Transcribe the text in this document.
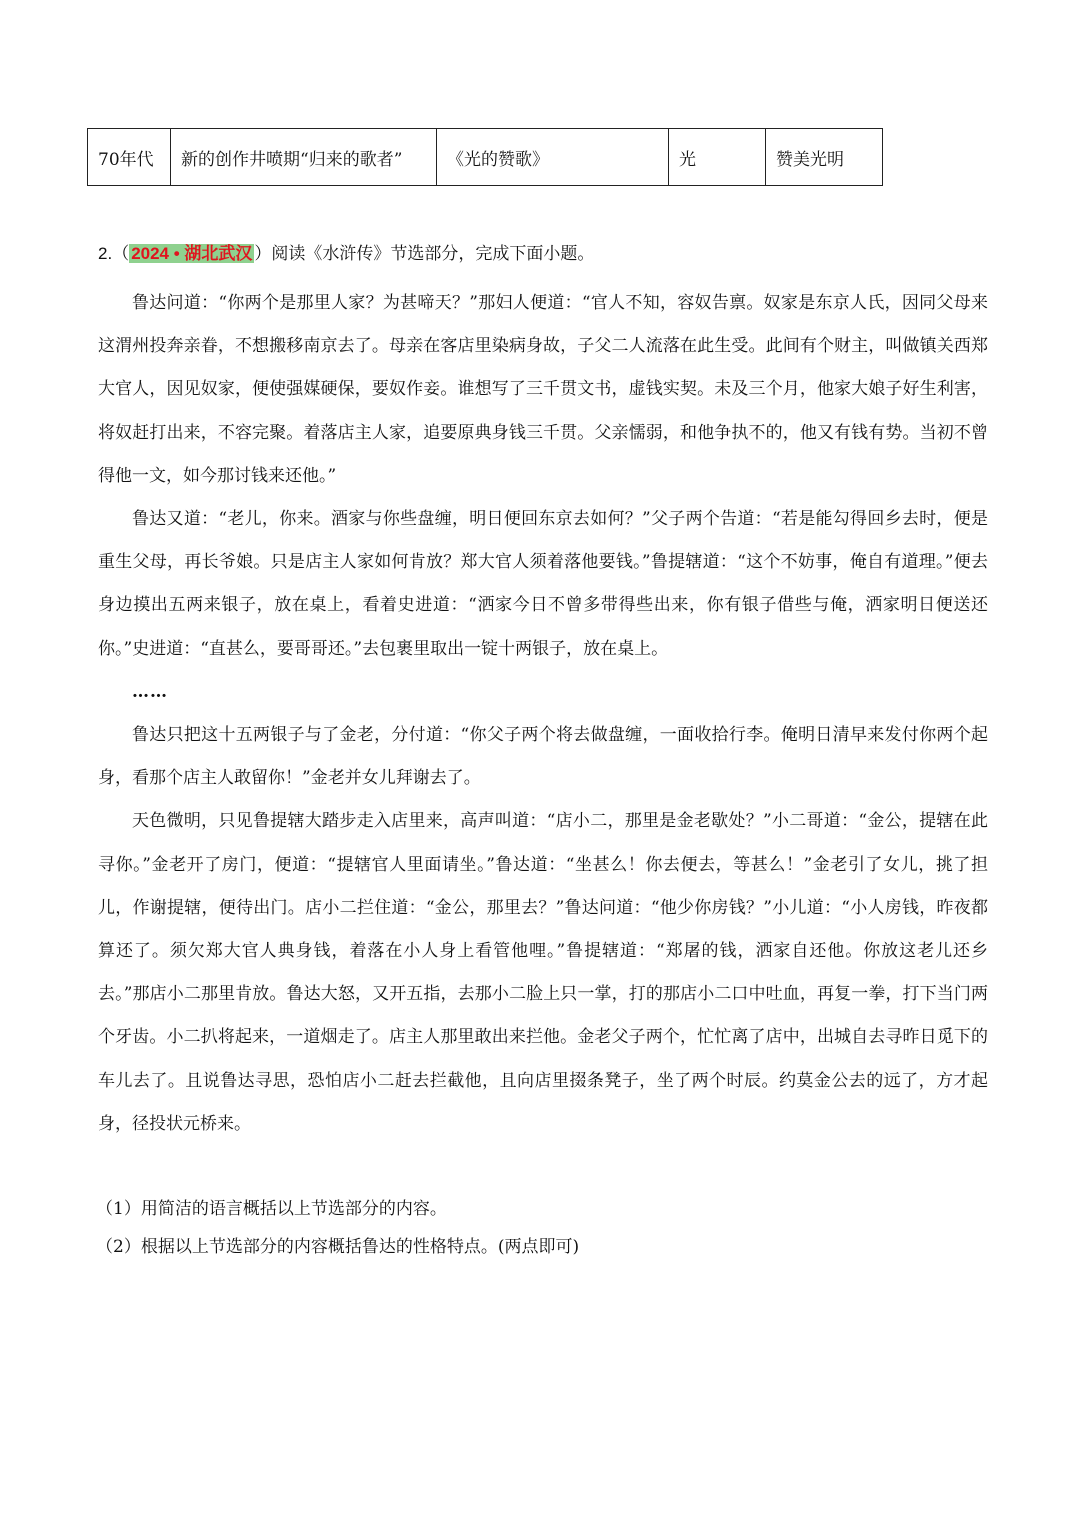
70年代	新的创作井喷期“归来的歌者”	《光的赞歌》	光	赞美光明
2.（ 2024 • 湖北武汉 ）阅读《水浒传》节选部分，完成下面小题。

鲁达问道：“你两个是那里人家？为甚啼天？”那妇人便道：“官人不知，容奴告禀。奴家是东京人氏，因同父母来这渭州投奔亲眷，不想搬移南京去了。母亲在客店里染病身故，子父二人流落在此生受。此间有个财主，叫做镇关西郑大官人，因见奴家，便使强媒硬保，要奴作妾。谁想写了三千贯文书，虚钱实契。未及三个月，他家大娘子好生利害，将奴赶打出来，不容完聚。着落店主人家，追要原典身钱三千贯。父亲懦弱，和他争执不的，他又有钱有势。当初不曾得他一文，如今那讨钱来还他。”

鲁达又道：“老儿，你来。酒家与你些盘缠，明日便回东京去如何？”父子两个告道：“若是能勾得回乡去时，便是重生父母，再长爷娘。只是店主人家如何肯放？郑大官人须着落他要钱。”鲁提辖道：“这个不妨事，俺自有道理。”便去身边摸出五两来银子，放在桌上，看着史进道：“洒家今日不曾多带得些出来，你有银子借些与俺，洒家明日便送还你。”史进道：“直甚么，要哥哥还。”去包裹里取出一锭十两银子，放在桌上。

……

鲁达只把这十五两银子与了金老，分付道：“你父子两个将去做盘缠，一面收拾行李。俺明日清早来发付你两个起身，看那个店主人敢留你！”金老并女儿拜谢去了。

天色微明，只见鲁提辖大踏步走入店里来，高声叫道：“店小二，那里是金老歇处？”小二哥道：“金公，提辖在此寻你。”金老开了房门，便道：“提辖官人里面请坐。”鲁达道：“坐甚么！你去便去，等甚么！”金老引了女儿，挑了担儿，作谢提辖，便待出门。店小二拦住道：“金公，那里去？”鲁达问道：“他少你房钱？”小儿道：“小人房钱，昨夜都算还了。须欠郑大官人典身钱，着落在小人身上看管他哩。”鲁提辖道：“郑屠的钱，洒家自还他。你放这老儿还乡去。”那店小二那里肯放。鲁达大怒，又开五指，去那小二脸上只一掌，打的那店小二口中吐血，再复一拳，打下当门两个牙齿。小二扒将起来，一道烟走了。店主人那里敢出来拦他。金老父子两个，忙忙离了店中，出城自去寻昨日觅下的车儿去了。且说鲁达寻思，恐怕店小二赶去拦截他，且向店里掇条凳子，坐了两个时辰。约莫金公去的远了，方才起身，径投状元桥来。

（1）用简洁的语言概括以上节选部分的内容。
（2）根据以上节选部分的内容概括鲁达的性格特点。(两点即可)
